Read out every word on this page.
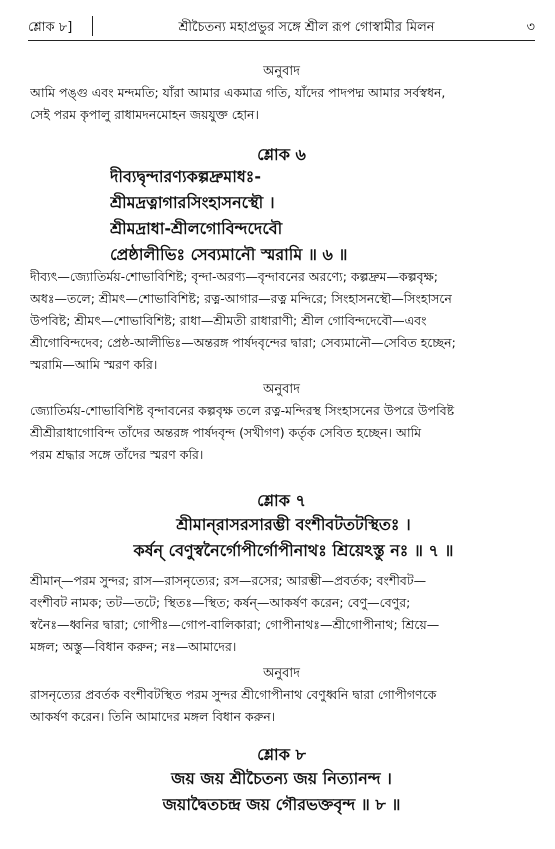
শ্লোক ৮]	শ্রীচৈতন্য মহাপ্রভুর সঙ্গে শ্রীল রূপ গোস্বামীর মিলন	৩
অনুবাদ
আমি পঙ্গু এবং মন্দমতি; যাঁরা আমার একমাত্র গতি, যাঁদের পাদপদ্ম আমার সর্বস্বধন,
সেই পরম কৃপালু রাধামদনমোহন জয়যুক্ত হোন।
শ্লোক ৬
দীব্যদ্বৃন্দারণ্যকল্পদ্রুমাধঃ-
শ্রীমদ্রত্নাগারসিংহাসনস্থৌ ।
শ্রীমদ্রাধা-শ্রীলগোবিন্দদেবৌ
প্রেষ্ঠালীভিঃ সেব্যমানৌ স্মরামি ॥ ৬ ॥
দীব্যৎ—জ্যোতির্ময়-শোভাবিশিষ্ট; বৃন্দা-অরণ্য—বৃন্দাবনের অরণ্যে; কল্পদ্রুম—কল্পবৃক্ষ;
অধঃ—তলে; শ্রীমৎ—শোভাবিশিষ্ট; রত্ন-আগার—রত্ন মন্দিরে; সিংহাসনস্থৌ—সিংহাসনে
উপবিষ্ট; শ্রীমৎ—শোভাবিশিষ্ট; রাধা—শ্রীমতী রাধারাণী; শ্রীল গোবিন্দদেবৌ—এবং
শ্রীগোবিন্দদেব; প্রেষ্ঠ-আলীভিঃ—অন্তরঙ্গ পার্ষদবৃন্দের দ্বারা; সেব্যমানৌ—সেবিত হচ্ছেন;
স্মরামি—আমি স্মরণ করি।
অনুবাদ
জ্যোতির্ময়-শোভাবিশিষ্ট বৃন্দাবনের কল্পবৃক্ষ তলে রত্ন-মন্দিরস্থ সিংহাসনের উপরে উপবিষ্ট
শ্রীশ্রীরাধাগোবিন্দ তাঁদের অন্তরঙ্গ পার্ষদবৃন্দ (সখীগণ) কর্তৃক সেবিত হচ্ছেন। আমি
পরম শ্রদ্ধার সঙ্গে তাঁদের স্মরণ করি।
শ্লোক ৭
শ্রীমান্‌রাসরসারম্ভী বংশীবটতটস্থিতঃ ।
কর্ষন্ বেণুস্বনৈর্গোপীর্গোপীনাথঃ শ্রিয়েঽস্তু নঃ ॥ ৭ ॥
শ্রীমান্—পরম সুন্দর; রাস—রাসনৃত্যের; রস—রসের; আরম্ভী—প্রবর্তক; বংশীবট—
বংশীবট নামক; তট—তটে; স্থিতঃ—স্থিত; কর্ষন্—আকর্ষণ করেন; বেণু—বেণুর;
স্বনৈঃ—ধ্বনির দ্বারা; গোপীঃ—গোপ-বালিকারা; গোপীনাথঃ—শ্রীগোপীনাথ; শ্রিয়ে—
মঙ্গল; অস্তু—বিধান করুন; নঃ—আমাদের।
অনুবাদ
রাসনৃত্যের প্রবর্তক বংশীবটস্থিত পরম সুন্দর শ্রীগোপীনাথ বেণুধ্বনি দ্বারা গোপীগণকে
আকর্ষণ করেন। তিনি আমাদের মঙ্গল বিধান করুন।
শ্লোক ৮
জয় জয় শ্রীচৈতন্য জয় নিত্যানন্দ ।
জয়াদ্বৈতচন্দ্র জয় গৌরভক্তবৃন্দ ॥ ৮ ॥
